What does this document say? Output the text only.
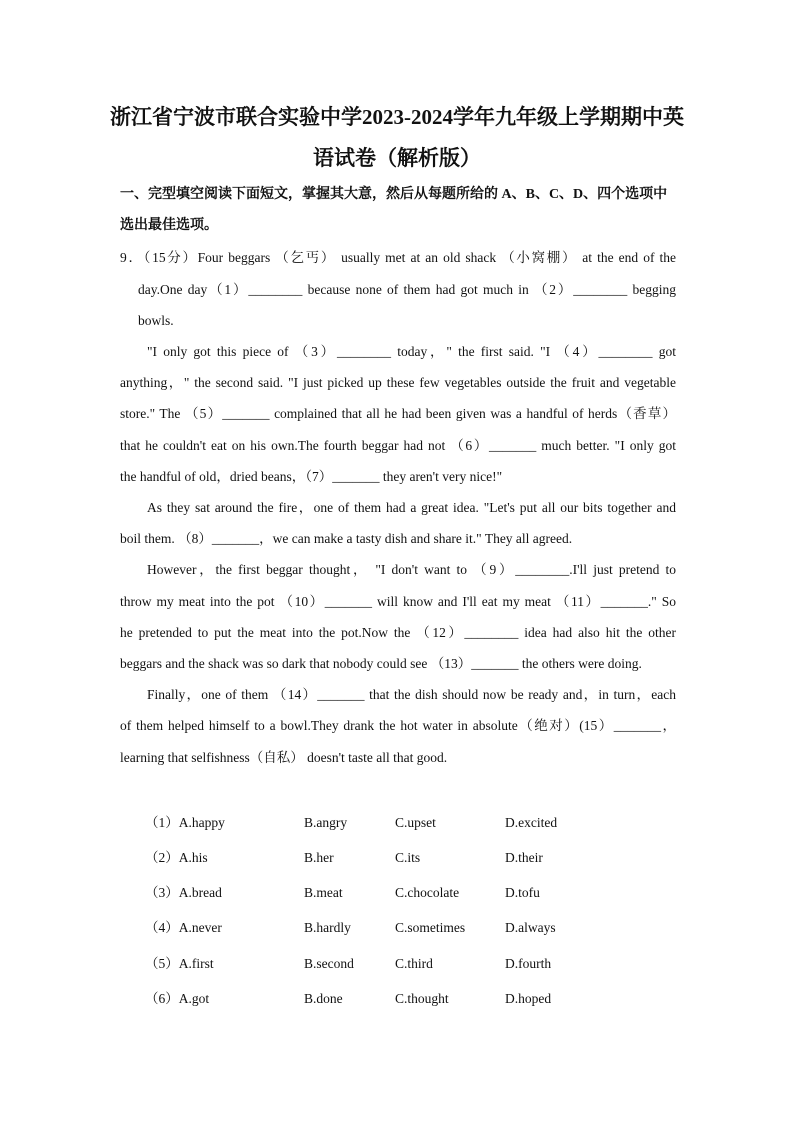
浙江省宁波市联合实验中学2023-2024学年九年级上学期期中英
语试卷（解析版）
一、完型填空阅读下面短文，掌握其大意，然后从每题所给的 A、B、C、D、四个选项中
选出最佳选项。
9．（15分）Four beggars （乞丐） usually met at an old shack （小窝棚） at the end of the
day.One day（1）________ because none of them had got much in （2）________ begging
bowls.
"I only got this piece of （3）________ today，" the first said. "I （4）________ got
anything，" the second said. "I just picked up these few vegetables outside the fruit and vegetable
store." The （5）_______ complained that all he had been given was a handful of herds（香草）
that he couldn't eat on his own.The fourth beggar had not （6）_______ much better. "I only got
the handful of old，dried beans，（7）_______ they aren't very nice!"
As they sat around the fire，one of them had a great idea. "Let's put all our bits together and
boil them. （8）_______，we can make a tasty dish and share it." They all agreed.
However，the first beggar thought， "I don't want to （9）________.I'll just pretend to
throw my meat into the pot （10）_______ will know and I'll eat my meat （11）_______." So
he pretended to put the meat into the pot.Now the （12）________ idea had also hit the other
beggars and the shack was so dark that nobody could see （13）_______ the others were doing.
Finally，one of them （14）_______ that the dish should now be ready and，in turn，each
of them helped himself to a bowl.They drank the hot water in absolute（绝对）(15）_______，
learning that selfishness（自私） doesn't taste all that good.
（1）A.happy	B.angry	C.upset	D.excited
（2）A.his	B.her	C.its	D.their
（3）A.bread	B.meat	C.chocolate	D.tofu
（4）A.never	B.hardly	C.sometimes	D.always
（5）A.first	B.second	C.third	D.fourth
（6）A.got	B.done	C.thought	D.hoped
